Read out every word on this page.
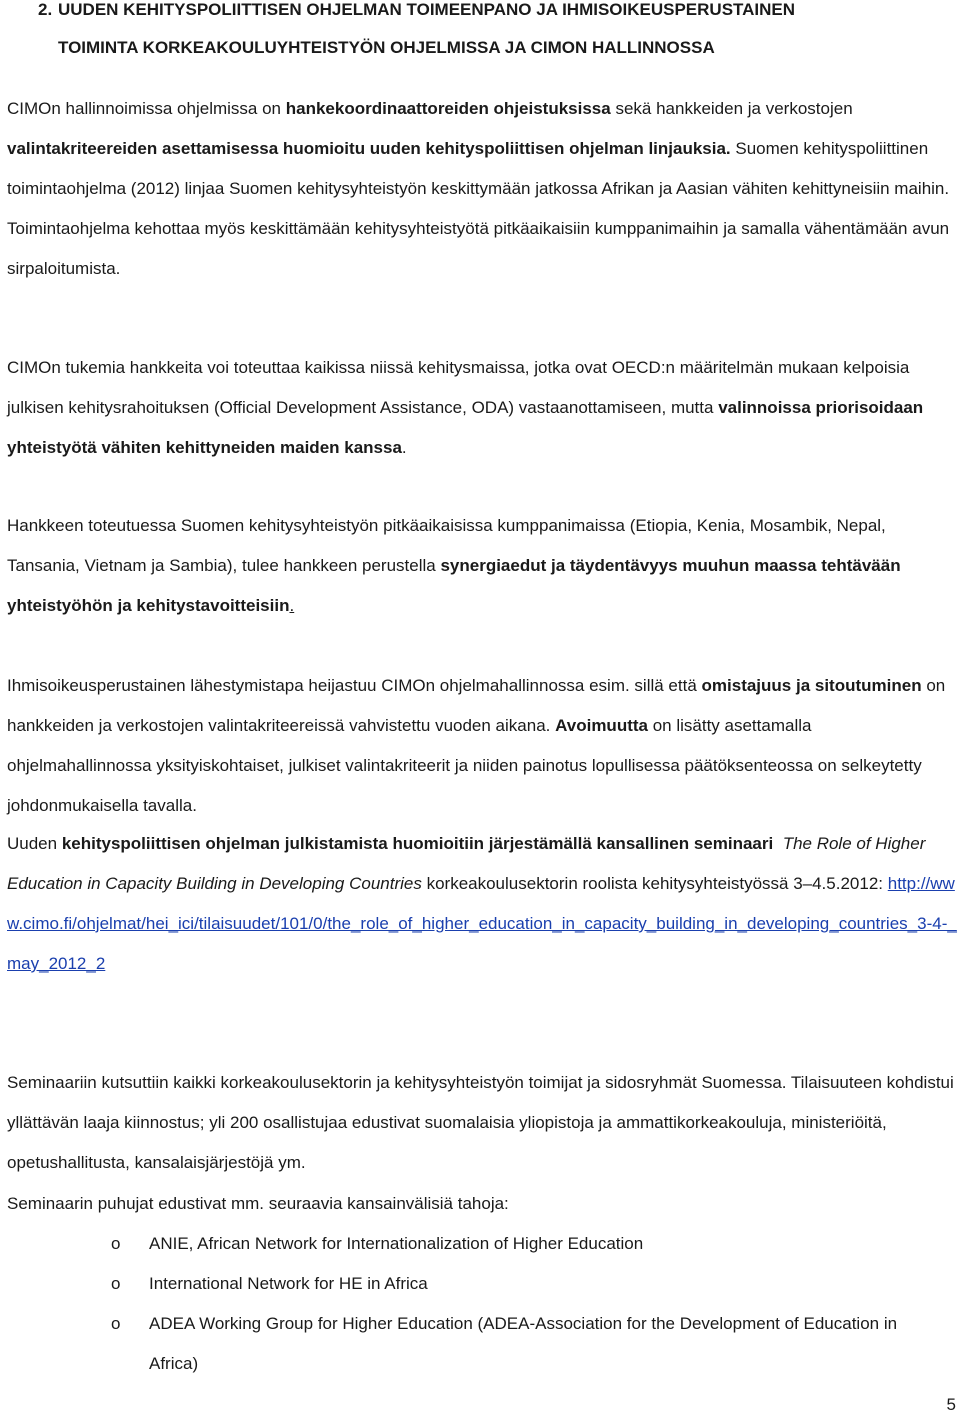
2. UUDEN KEHITYSPOLIITTISEN OHJELMAN TOIMEENPANO JA IHMISOIKEUSPERUSTAINEN
TOIMINTA KORKEAKOULUYHTEISTYÖN OHJELMISSA JA CIMON HALLINNOSSA

CIMOn hallinnoimissa ohjelmissa on hankekoordinaattoreiden ohjeistuksissa sekä hankkeiden ja verkostojen valintakriteereiden asettamisessa huomioitu uuden kehityspoliittisen ohjelman linjauksia. Suomen kehityspoliittinen toimintaohjelma (2012) linjaa Suomen kehitysyhteistyön keskittymään jatkossa Afrikan ja Aasian vähiten kehittyneisiin maihin. Toimintaohjelma kehottaa myös keskittämään kehitysyhteistyötä pitkäaikaisiin kumppanimaihin ja samalla vähentämään avun sirpaloitumista.

CIMOn tukemia hankkeita voi toteuttaa kaikissa niissä kehitysmaissa, jotka ovat OECD:n määritelmän mukaan kelpoisia julkisen kehitysrahoituksen (Official Development Assistance, ODA) vastaanottamiseen, mutta valinnoissa priorisoidaan yhteistyötä vähiten kehittyneiden maiden kanssa.

Hankkeen toteutuessa Suomen kehitysyhteistyön pitkäaikaisissa kumppanimaissa (Etiopia, Kenia, Mosambik, Nepal, Tansania, Vietnam ja Sambia), tulee hankkeen perustella synergiaedut ja täydentävyys muuhun maassa tehtävään yhteistyöhön ja kehitystavoitteisiin.

Ihmisoikeusperustainen lähestymistapa heijastuu CIMOn ohjelmahallinnossa esim. sillä että omistajuus ja sitoutuminen on hankkeiden ja verkostojen valintakriteereissä vahvistettu vuoden aikana. Avoimuutta on lisätty asettamalla ohjelmahallinnossa yksityiskohtaiset, julkiset valintakriteerit ja niiden painotus lopullisessa päätöksenteossa on selkeytetty johdonmukaisella tavalla.

Uuden kehityspoliittisen ohjelman julkistamista huomioitiin järjestämällä kansallinen seminaari The Role of Higher Education in Capacity Building in Developing Countries korkeakoulusektorin roolista kehitysyhteistyössä 3–4.5.2012: http://www.cimo.fi/ohjelmat/hei_ici/tilaisuudet/101/0/the_role_of_higher_education_in_capacity_building_in_developing_countries_3-4-_may_2012_2

Seminaariin kutsuttiin kaikki korkeakoulusektorin ja kehitysyhteistyön toimijat ja sidosryhmät Suomessa. Tilaisuuteen kohdistui yllättävän laaja kiinnostus; yli 200 osallistujaa edustivat suomalaisia yliopistoja ja ammattikorkeakouluja, ministeriöitä, opetushallitusta, kansalaisjärjestöjä ym.

Seminaarin puhujat edustivat mm. seuraavia kansainvälisiä tahoja:

o ANIE, African Network for Internationalization of Higher Education
o International Network for HE in Africa
o ADEA Working Group for Higher Education (ADEA-Association for the Development of Education in Africa)
5
